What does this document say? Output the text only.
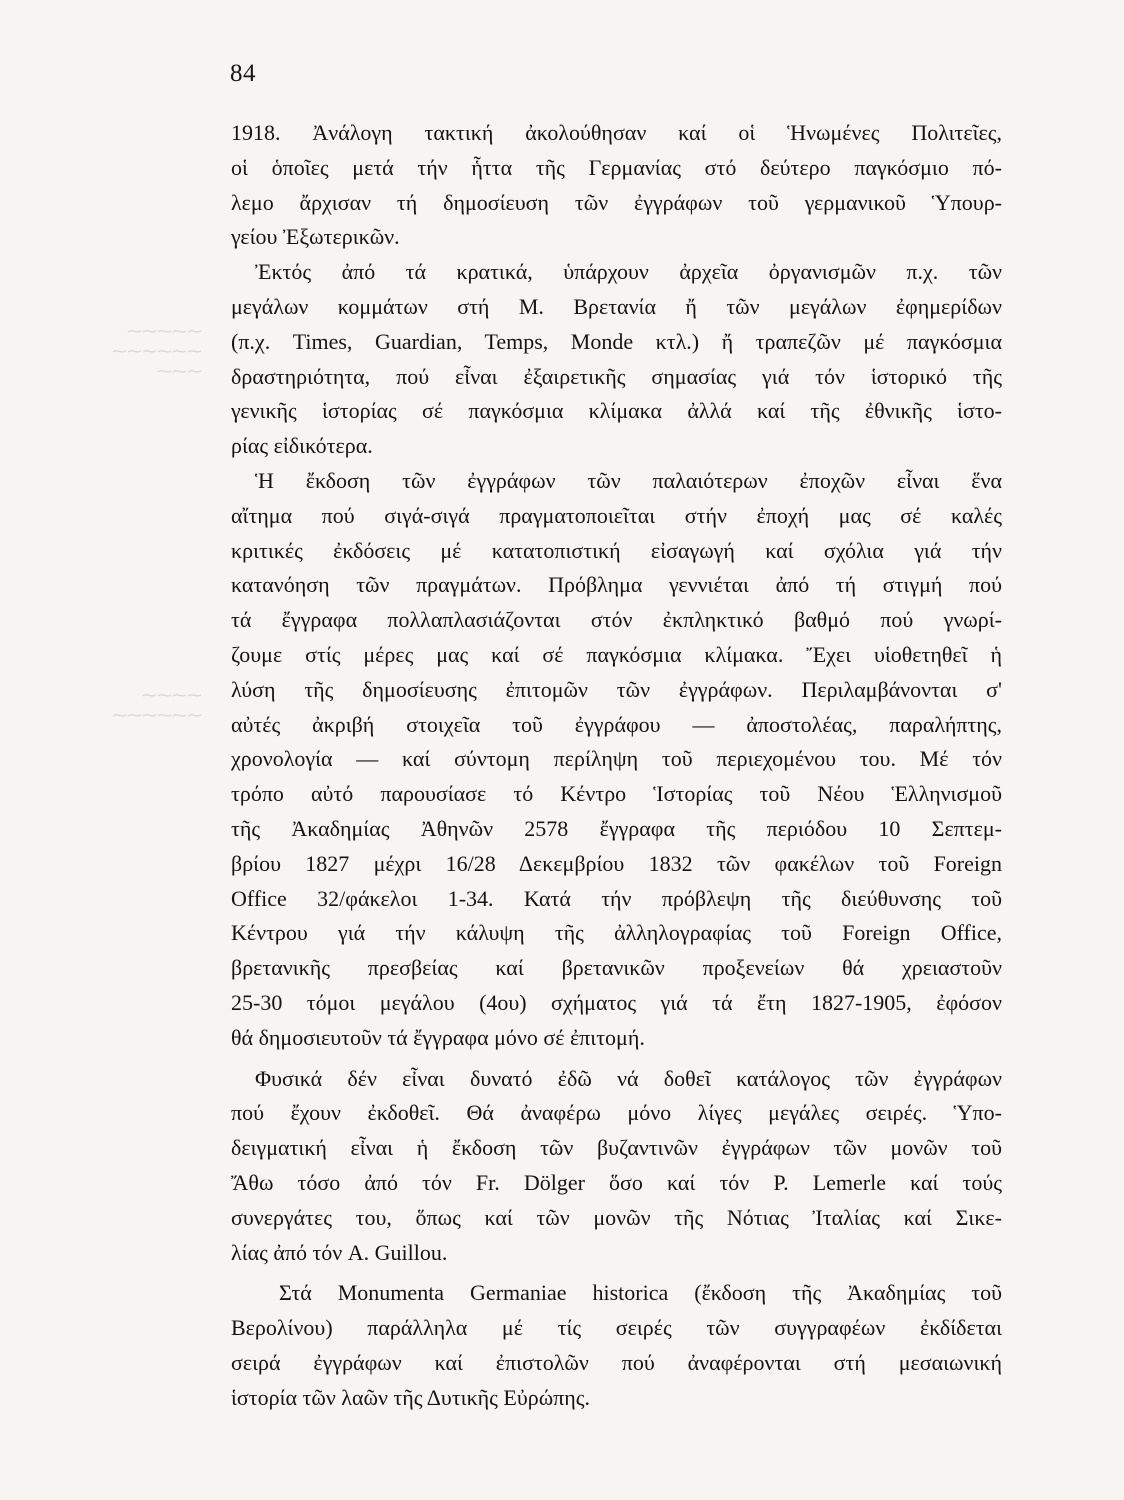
⁓⁓⁓⁓⁓
⁓⁓⁓⁓⁓⁓
⁓⁓⁓
⁓⁓⁓⁓
⁓⁓⁓⁓⁓⁓
84
1918. Ἀνάλογη τακτική ἀκολούθησαν καί οἱ Ἡνωμένες Πολιτεῖες,
οἱ ὁποῖες μετά τήν ἧττα τῆς Γερμανίας στό δεύτερο παγκόσμιο πό-
λεμο ἄρχισαν τή δημοσίευση τῶν ἐγγράφων τοῦ γερμανικοῦ Ὑπουρ-
γείου Ἐξωτερικῶν.
Ἐκτός ἀπό τά κρατικά, ὑπάρχουν ἀρχεῖα ὀργανισμῶν π.χ. τῶν
μεγάλων κομμάτων στή Μ. Βρετανία ἤ τῶν μεγάλων ἐφημερίδων
(π.χ. Times, Guardian, Temps, Monde κτλ.) ἤ τραπεζῶν μέ παγκόσμια
δραστηριότητα, πού εἶναι ἐξαιρετικῆς σημασίας γιά τόν ἱστορικό τῆς
γενικῆς ἱστορίας σέ παγκόσμια κλίμακα ἀλλά καί τῆς ἐθνικῆς ἱστο-
ρίας εἰδικότερα.
Ἡ ἔκδοση τῶν ἐγγράφων τῶν παλαιότερων ἐποχῶν εἶναι ἕνα
αἴτημα πού σιγά-σιγά πραγματοποιεῖται στήν ἐποχή μας σέ καλές
κριτικές ἐκδόσεις μέ κατατοπιστική εἰσαγωγή καί σχόλια γιά τήν
κατανόηση τῶν πραγμάτων. Πρόβλημα γεννιέται ἀπό τή στιγμή πού
τά ἔγγραφα πολλαπλασιάζονται στόν ἐκπληκτικό βαθμό πού γνωρί-
ζουμε στίς μέρες μας καί σέ παγκόσμια κλίμακα. Ἔχει υἱοθετηθεῖ ἡ
λύση τῆς δημοσίευσης ἐπιτομῶν τῶν ἐγγράφων. Περιλαμβάνονται σ'
αὐτές ἀκριβή στοιχεῖα τοῦ ἐγγράφου — ἀποστολέας, παραλήπτης,
χρονολογία — καί σύντομη περίληψη τοῦ περιεχομένου του. Μέ τόν
τρόπο αὐτό παρουσίασε τό Κέντρο Ἱστορίας τοῦ Νέου Ἑλληνισμοῦ
τῆς Ἀκαδημίας Ἀθηνῶν 2578 ἔγγραφα τῆς περιόδου 10 Σεπτεμ-
βρίου 1827 μέχρι 16/28 Δεκεμβρίου 1832 τῶν φακέλων τοῦ Foreign
Office 32/φάκελοι 1-34. Κατά τήν πρόβλεψη τῆς διεύθυνσης τοῦ
Κέντρου γιά τήν κάλυψη τῆς ἀλληλογραφίας τοῦ Foreign Office,
βρετανικῆς πρεσβείας καί βρετανικῶν προξενείων θά χρειαστοῦν
25-30 τόμοι μεγάλου (4ου) σχήματος γιά τά ἔτη 1827-1905, ἐφόσον
θά δημοσιευτοῦν τά ἔγγραφα μόνο σέ ἐπιτομή.
Φυσικά δέν εἶναι δυνατό ἐδῶ νά δοθεῖ κατάλογος τῶν ἐγγράφων
πού ἔχουν ἐκδοθεῖ. Θά ἀναφέρω μόνο λίγες μεγάλες σειρές. Ὑπο-
δειγματική εἶναι ἡ ἔκδοση τῶν βυζαντινῶν ἐγγράφων τῶν μονῶν τοῦ
Ἄθω τόσο ἀπό τόν Fr. Dölger ὅσο καί τόν P. Lemerle καί τούς
συνεργάτες του, ὅπως καί τῶν μονῶν τῆς Νότιας Ἰταλίας καί Σικε-
λίας ἀπό τόν A. Guillou.
Στά Monumenta Germaniae historica (ἔκδοση τῆς Ἀκαδημίας τοῦ
Βερολίνου) παράλληλα μέ τίς σειρές τῶν συγγραφέων ἐκδίδεται
σειρά ἐγγράφων καί ἐπιστολῶν πού ἀναφέρονται στή μεσαιωνική
ἱστορία τῶν λαῶν τῆς Δυτικῆς Εὐρώπης.
